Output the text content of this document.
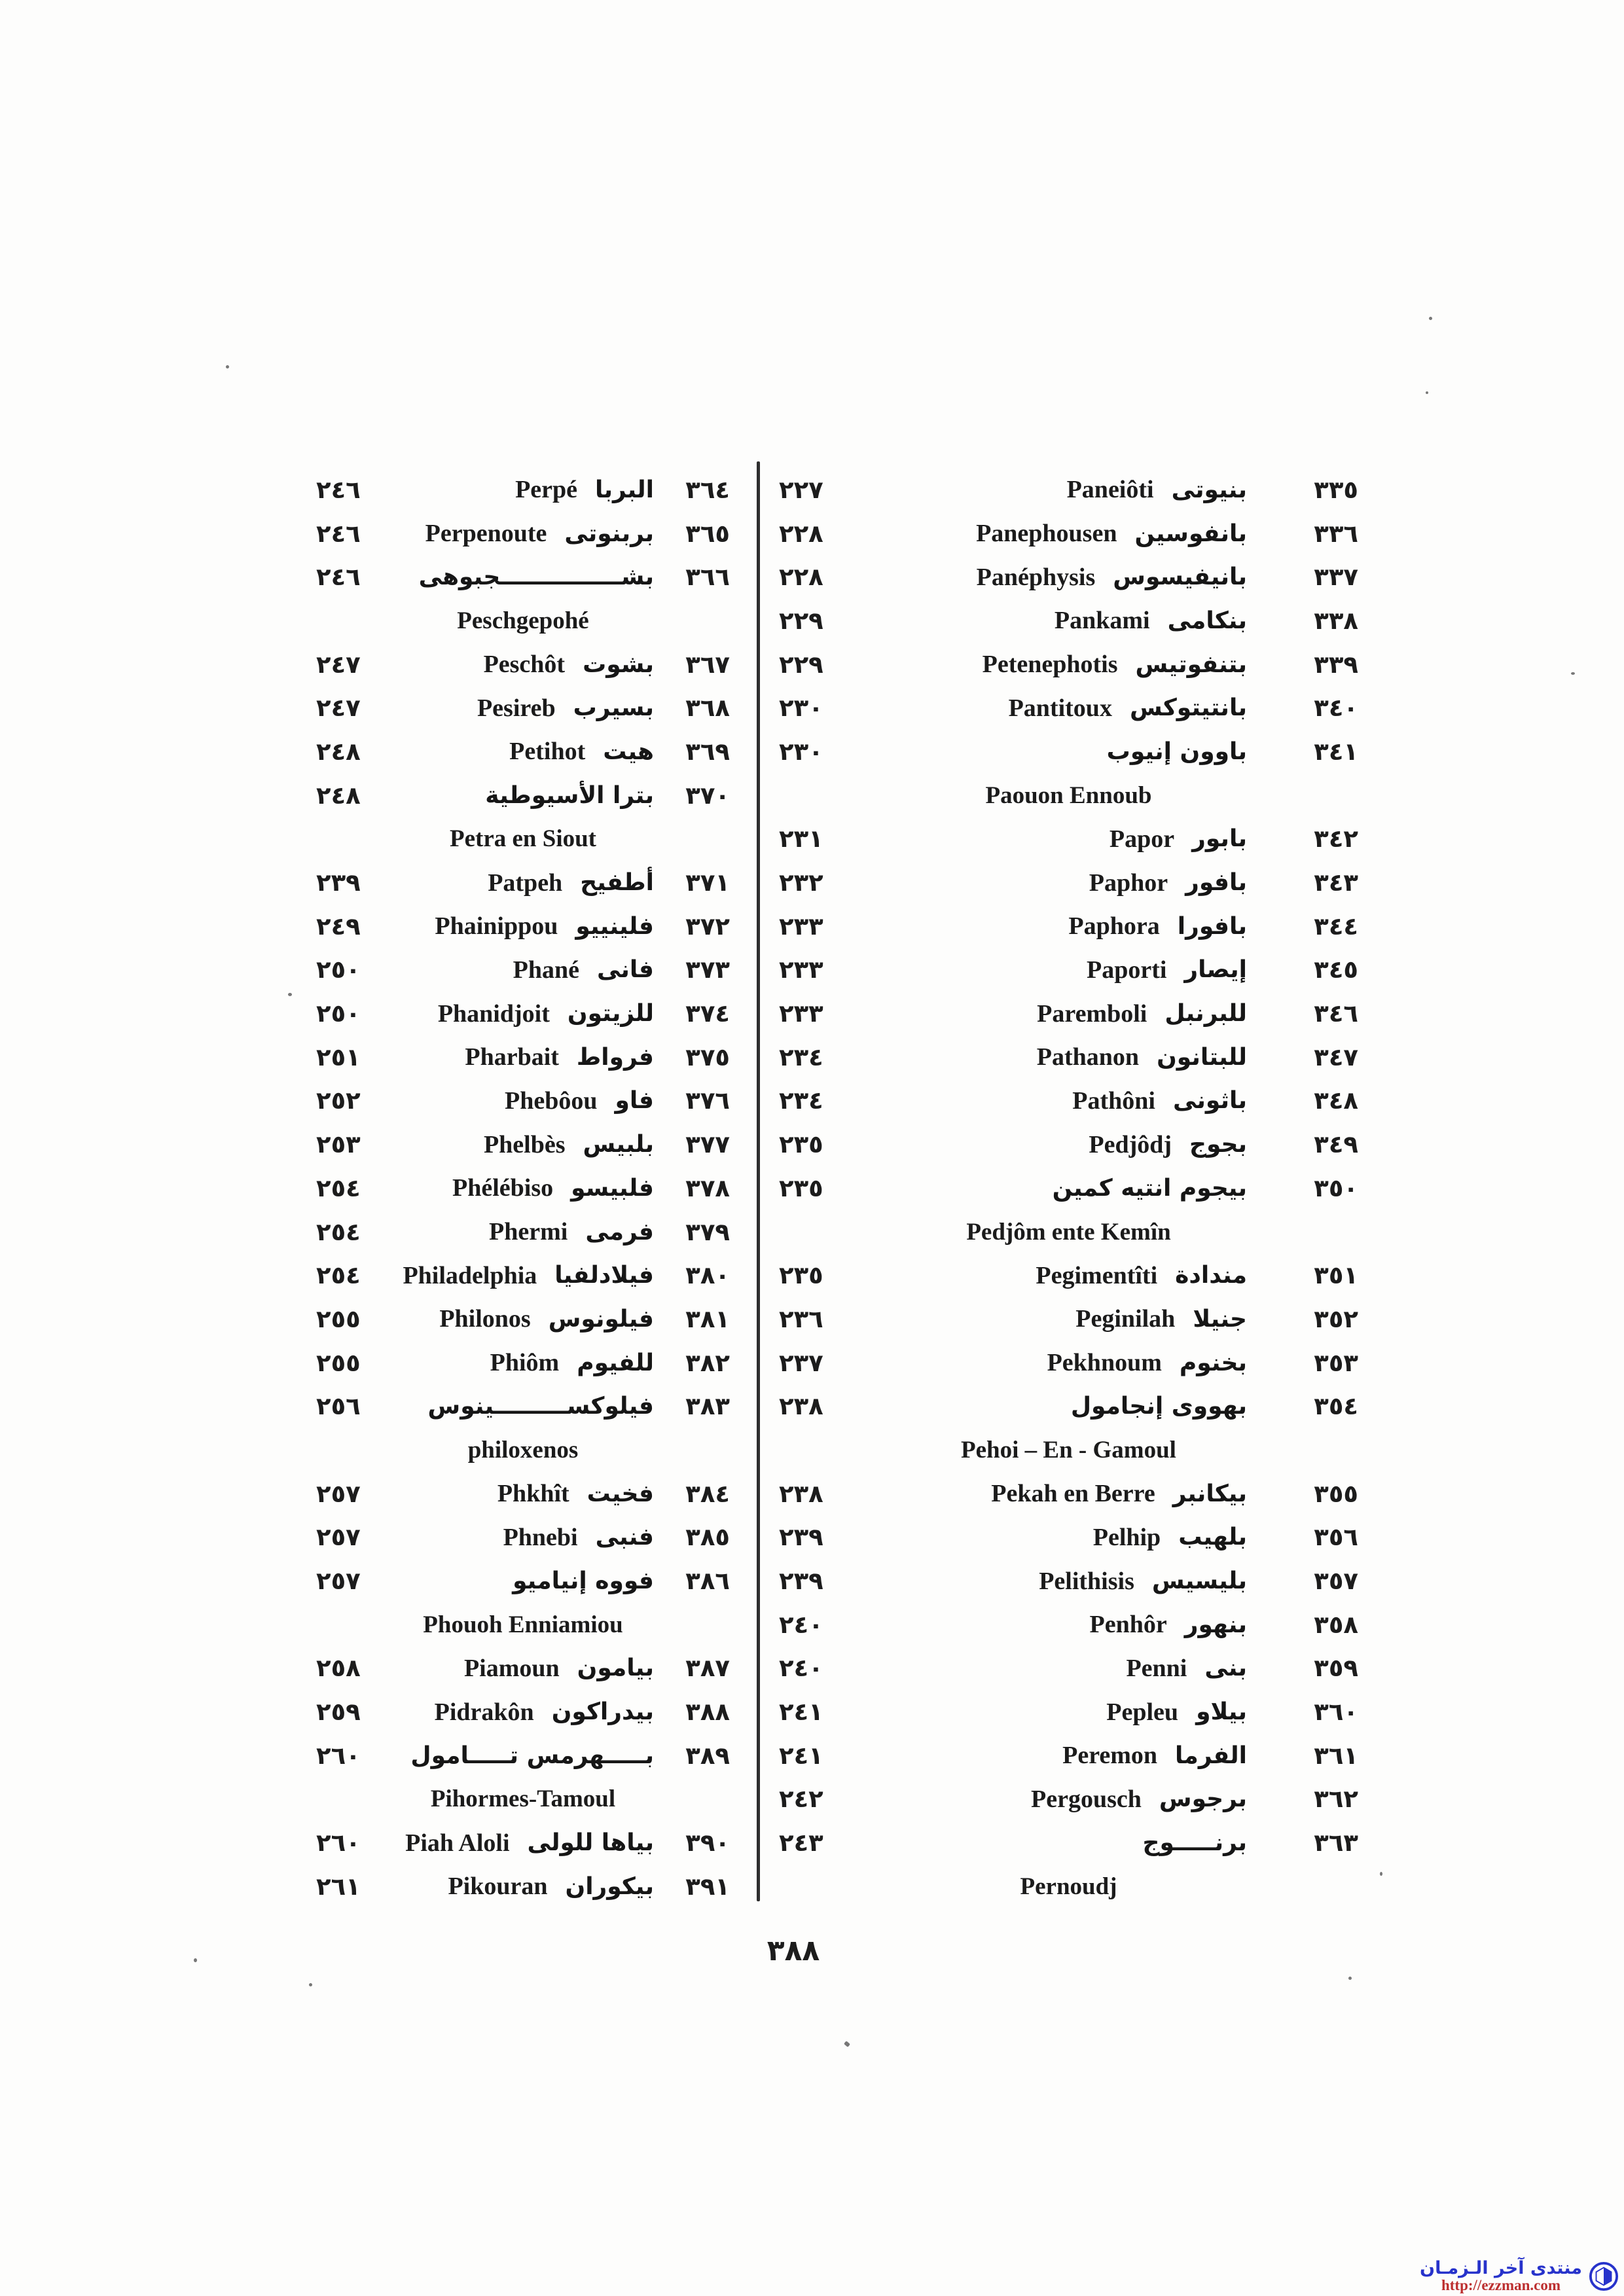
٢٤٦	Perpé البربا	٣٦٤
٢٤٦	Perpenoute بربنوتى	٣٦٥
٢٤٦	بشـــــــــــــــجبوهى	٣٦٦
Peschgepohé
٢٤٧	Peschôt بشوت	٣٦٧
٢٤٧	Pesireb بسيرب	٣٦٨
٢٤٨	Petihot هيت	٣٦٩
٢٤٨	بترا الأسيوطية	٣٧٠
Petra en Siout
٢٣٩	Patpeh أطفيح	٣٧١
٢٤٩	Phainippou فلينييو	٣٧٢
٢٥٠	Phané فانى	٣٧٣
٢٥٠	Phanidjoit للزيتون	٣٧٤
٢٥١	Pharbait فرواط	٣٧٥
٢٥٢	Phebôou فاو	٣٧٦
٢٥٣	Phelbès بلبيس	٣٧٧
٢٥٤	Phélébiso فلبيسو	٣٧٨
٢٥٤	Phermi فرمى	٣٧٩
٢٥٤	Philadelphia فيلادلفيا	٣٨٠
٢٥٥	Philonos فيلونوس	٣٨١
٢٥٥	Phiôm للفيوم	٣٨٢
٢٥٦	فيلوكســـــــــينوس	٣٨٣
philoxenos
٢٥٧	Phkhît فخيت	٣٨٤
٢٥٧	Phnebi فنبى	٣٨٥
٢٥٧	فووه إنياميو	٣٨٦
Phouoh Enniamiou
٢٥٨	Piamoun بيامون	٣٨٧
٢٥٩	Pidrakôn بيدراكون	٣٨٨
٢٦٠	بـــــهرمس تـــــامول	٣٨٩
Pihormes-Tamoul
٢٦٠	Piah Aloli بياها للولى	٣٩٠
٢٦١	Pikouran بيكوران	٣٩١
٢٢٧	Paneiôti بنيوتى	٣٣٥
٢٢٨	Panephousen بانفوسين	٣٣٦
٢٢٨	Panéphysis بانيفيسوس	٣٣٧
٢٢٩	Pankami بنكامى	٣٣٨
٢٢٩	Petenephotis بتنفوتيس	٣٣٩
٢٣٠	Pantitoux بانتيتوكس	٣٤٠
٢٣٠	باوون إنيوب	٣٤١
Paouon Ennoub
٢٣١	Papor بابور	٣٤٢
٢٣٢	Paphor بافور	٣٤٣
٢٣٣	Paphora بافورا	٣٤٤
٢٣٣	Paporti إيصار	٣٤٥
٢٣٣	Paremboli للبرنبل	٣٤٦
٢٣٤	Pathanon للبتانون	٣٤٧
٢٣٤	Pathôni باثونى	٣٤٨
٢٣٥	Pedjôdj بجوج	٣٤٩
٢٣٥	بيجوم انتيه كمين	٣٥٠
Pedjôm ente Kemîn
٢٣٥	Pegimentîti مندادة	٣٥١
٢٣٦	Peginilah جنيلا	٣٥٢
٢٣٧	Pekhnoum بخنوم	٣٥٣
٢٣٨	بهووى إنجامول	٣٥٤
Pehoi – En - Gamoul
٢٣٨	Pekah en Berre بيكانبر	٣٥٥
٢٣٩	Pelhip بلهيب	٣٥٦
٢٣٩	Pelithisis بليسيس	٣٥٧
٢٤٠	Penhôr بنهور	٣٥٨
٢٤٠	Penni بنى	٣٥٩
٢٤١	Pepleu بيلاو	٣٦٠
٢٤١	Peremon الفرما	٣٦١
٢٤٢	Pergousch برجوس	٣٦٢
٢٤٣	برنـــــوج	٣٦٣
Pernoudj
٣٨٨
منتدى آخر الـزمـان
http://ezzman.com
